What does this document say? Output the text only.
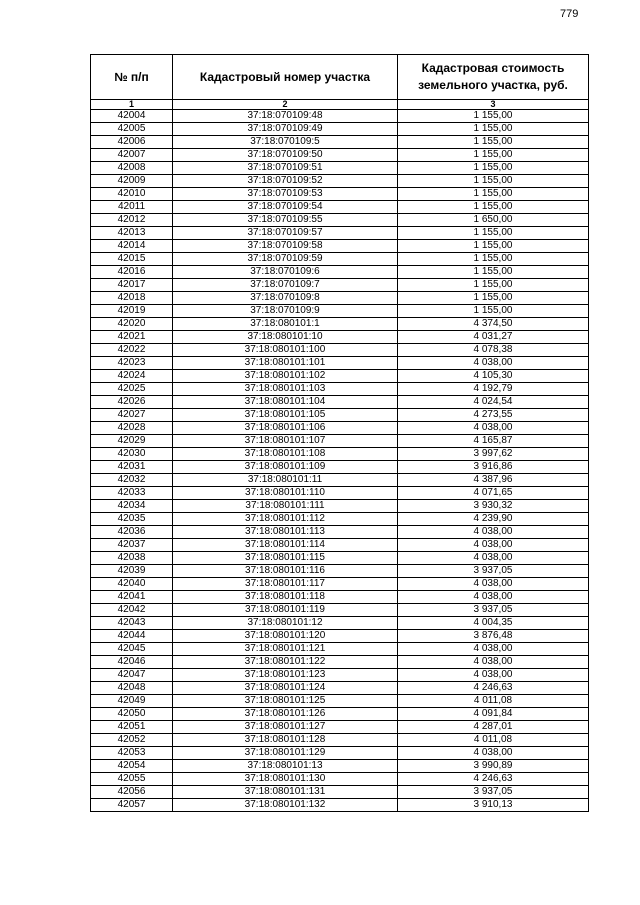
779
№ п/п	Кадастровый номер участка	Кадастровая стоимость
земельного участка, руб.

1	2	3
42004	37:18:070109:48	1 155,00
42005	37:18:070109:49	1 155,00
42006	37:18:070109:5	1 155,00
42007	37:18:070109:50	1 155,00
42008	37:18:070109:51	1 155,00
42009	37:18:070109:52	1 155,00
42010	37:18:070109:53	1 155,00
42011	37:18:070109:54	1 155,00
42012	37:18:070109:55	1 650,00
42013	37:18:070109:57	1 155,00
42014	37:18:070109:58	1 155,00
42015	37:18:070109:59	1 155,00
42016	37:18:070109:6	1 155,00
42017	37:18:070109:7	1 155,00
42018	37:18:070109:8	1 155,00
42019	37:18:070109:9	1 155,00
42020	37:18:080101:1	4 374,50
42021	37:18:080101:10	4 031,27
42022	37:18:080101:100	4 078,38
42023	37:18:080101:101	4 038,00
42024	37:18:080101:102	4 105,30
42025	37:18:080101:103	4 192,79
42026	37:18:080101:104	4 024,54
42027	37:18:080101:105	4 273,55
42028	37:18:080101:106	4 038,00
42029	37:18:080101:107	4 165,87
42030	37:18:080101:108	3 997,62
42031	37:18:080101:109	3 916,86
42032	37:18:080101:11	4 387,96
42033	37:18:080101:110	4 071,65
42034	37:18:080101:111	3 930,32
42035	37:18:080101:112	4 239,90
42036	37:18:080101:113	4 038,00
42037	37:18:080101:114	4 038,00
42038	37:18:080101:115	4 038,00
42039	37:18:080101:116	3 937,05
42040	37:18:080101:117	4 038,00
42041	37:18:080101:118	4 038,00
42042	37:18:080101:119	3 937,05
42043	37:18:080101:12	4 004,35
42044	37:18:080101:120	3 876,48
42045	37:18:080101:121	4 038,00
42046	37:18:080101:122	4 038,00
42047	37:18:080101:123	4 038,00
42048	37:18:080101:124	4 246,63
42049	37:18:080101:125	4 011,08
42050	37:18:080101:126	4 091,84
42051	37:18:080101:127	4 287,01
42052	37:18:080101:128	4 011,08
42053	37:18:080101:129	4 038,00
42054	37:18:080101:13	3 990,89
42055	37:18:080101:130	4 246,63
42056	37:18:080101:131	3 937,05
42057	37:18:080101:132	3 910,13
